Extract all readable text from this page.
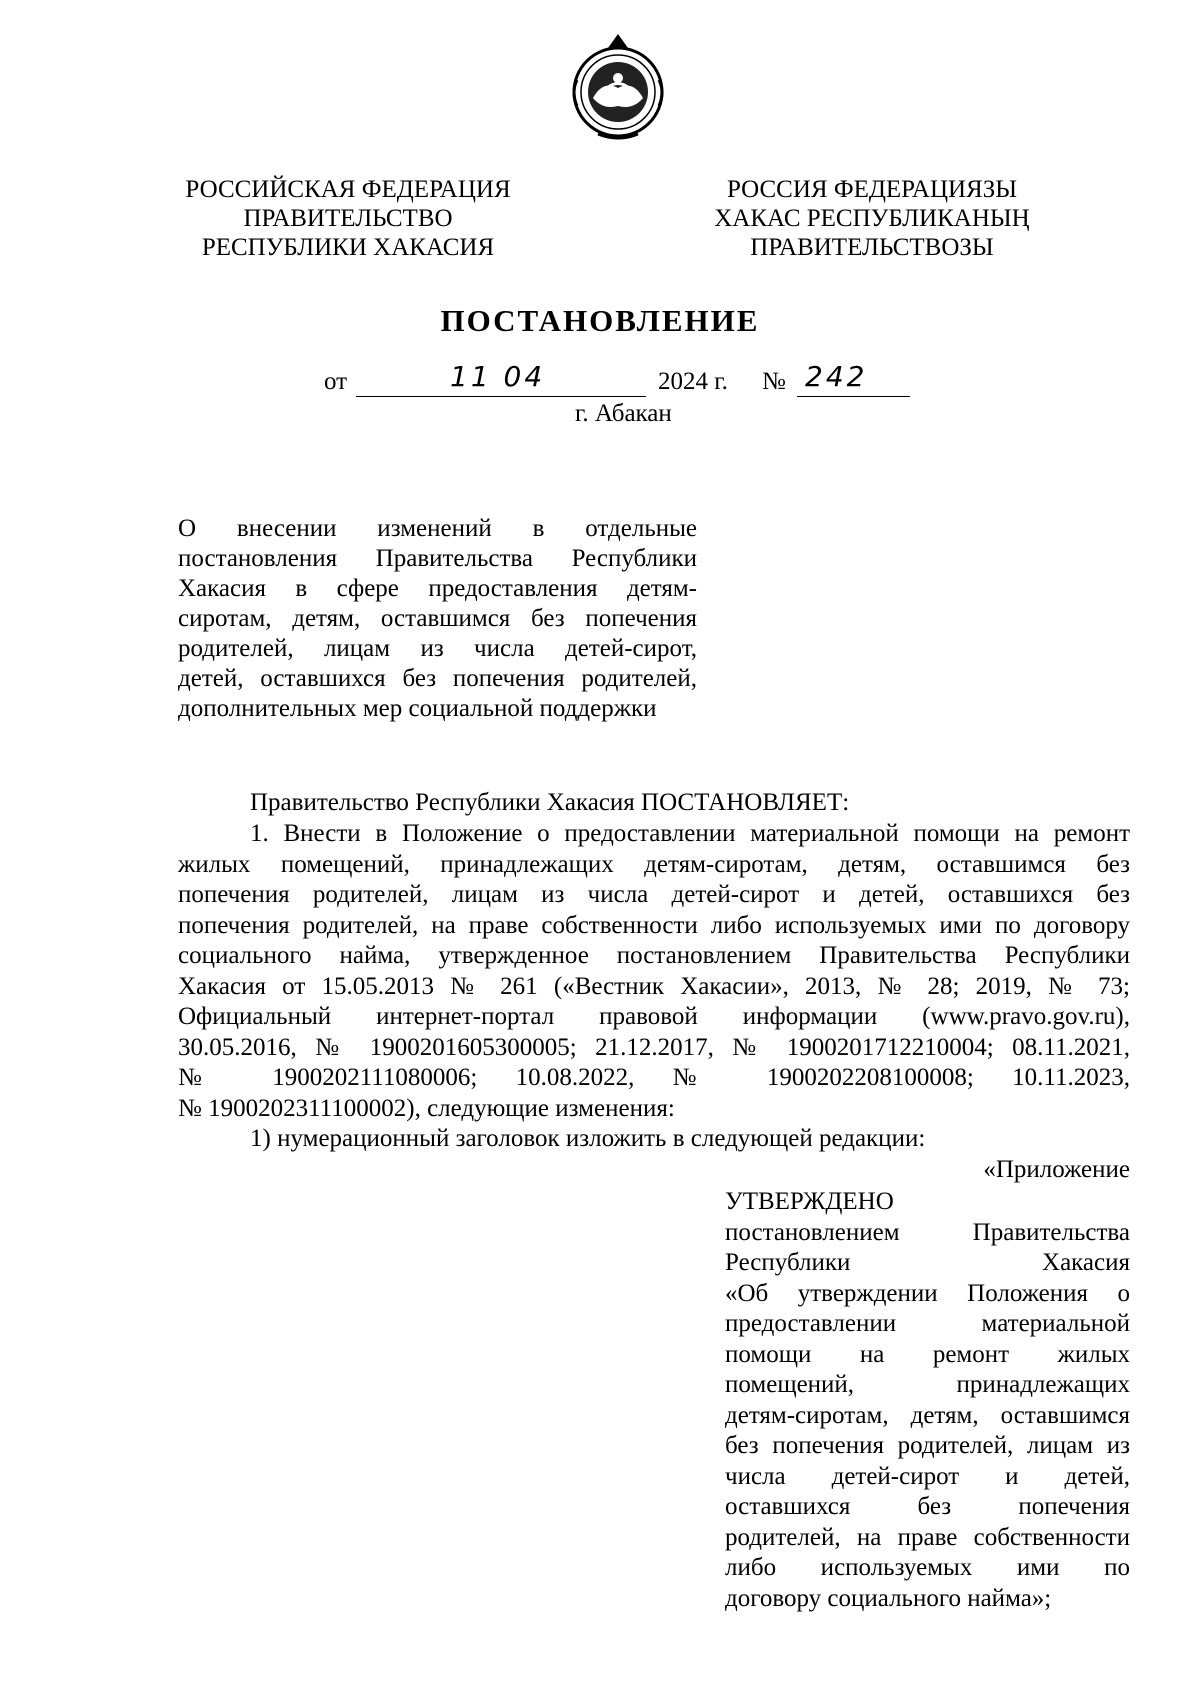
РОССИЙСКАЯ ФЕДЕРАЦИЯ
ПРАВИТЕЛЬСТВО
РЕСПУБЛИКИ ХАКАСИЯ
РОССИЯ ФЕДЕРАЦИЯЗЫ
ХАКАС РЕСПУБЛИКАНЫҢ
ПРАВИТЕЛЬСТВОЗЫ
ПОСТАНОВЛЕНИЕ
от	11 04	2024 г. № 242
г. Абакан
О внесении изменений в отдельные
постановления Правительства Республики
Хакасия в сфере предоставления детям-
сиротам, детям, оставшимся без попечения
родителей, лицам из числа детей-сирот,
детей, оставшихся без попечения родителей,
дополнительных мер социальной поддержки
Правительство Республики Хакасия ПОСТАНОВЛЯЕТ:
1. Внести в Положение о предоставлении материальной помощи на ремонт
жилых помещений, принадлежащих детям-сиротам, детям, оставшимся без
попечения родителей, лицам из числа детей-сирот и детей, оставшихся без
попечения родителей, на праве собственности либо используемых ими по договору
социального найма, утвержденное постановлением Правительства Республики
Хакасия от 15.05.2013 № 261 («Вестник Хакасии», 2013, № 28; 2019, № 73;
Официальный интернет-портал правовой информации (www.pravo.gov.ru),
30.05.2016, № 1900201605300005; 21.12.2017, № 1900201712210004; 08.11.2021,
№ 1900202111080006; 10.08.2022, № 1900202208100008; 10.11.2023,
№ 1900202311100002), следующие изменения:
1) нумерационный заголовок изложить в следующей редакции:
«Приложение
УТВЕРЖДЕНО
постановлением Правительства
Республики Хакасия
«Об утверждении Положения о
предоставлении материальной
помощи на ремонт жилых
помещений, принадлежащих
детям-сиротам, детям, оставшимся
без попечения родителей, лицам из
числа детей-сирот и детей,
оставшихся без попечения
родителей, на праве собственности
либо используемых ими по
договору социального найма»;
